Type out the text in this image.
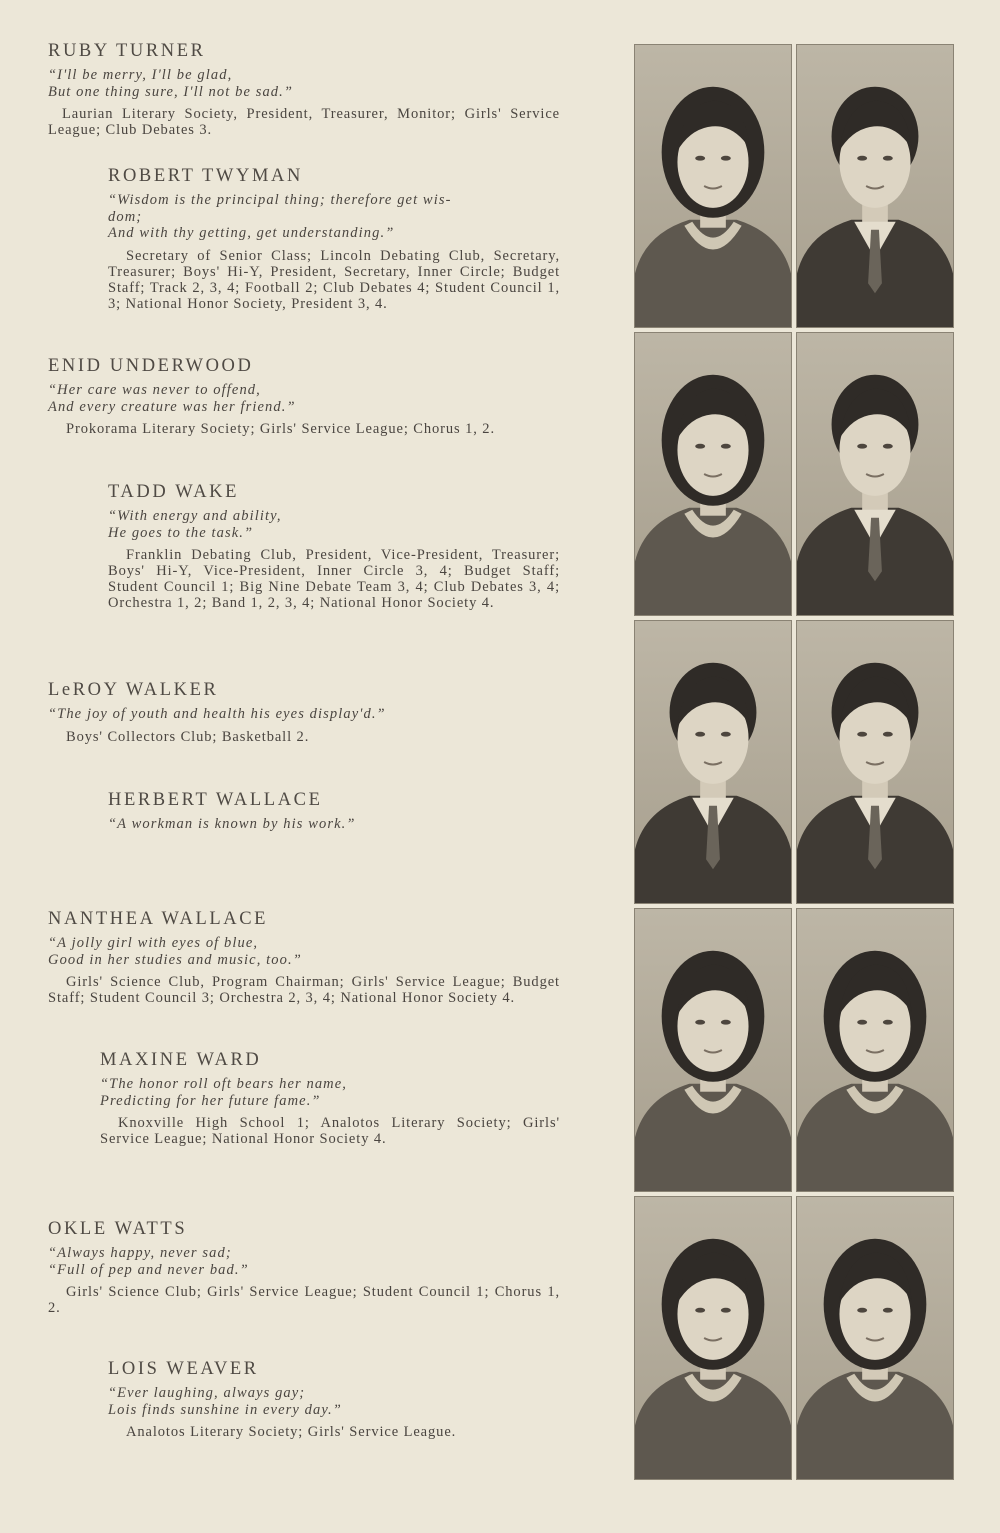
RUBY TURNER
“I'll be merry, I'll be glad,
But one thing sure, I'll not be sad.”
Laurian Literary Society, President, Treasurer, Monitor; Girls' Service League; Club Debates 3.
ROBERT TWYMAN
“Wisdom is the principal thing; therefore get wis-
dom;
And with thy getting, get understanding.”
Secretary of Senior Class; Lincoln Debating Club, Secretary, Treasurer; Boys' Hi-Y, President, Secretary, Inner Circle; Budget Staff; Track 2, 3, 4; Football 2; Club Debates 4; Student Council 1, 3; National Honor Society, President 3, 4.
ENID UNDERWOOD
“Her care was never to offend,
And every creature was her friend.”
Prokorama Literary Society; Girls' Service League; Chorus 1, 2.
TADD WAKE
“With energy and ability,
He goes to the task.”
Franklin Debating Club, President, Vice-President, Treasurer; Boys' Hi-Y, Vice-President, Inner Circle 3, 4; Budget Staff; Student Council 1; Big Nine Debate Team 3, 4; Club Debates 3, 4; Orchestra 1, 2; Band 1, 2, 3, 4; National Honor Society 4.
LeROY WALKER
“The joy of youth and health his eyes display'd.”
Boys' Collectors Club; Basketball 2.
HERBERT WALLACE
“A workman is known by his work.”
NANTHEA WALLACE
“A jolly girl with eyes of blue,
Good in her studies and music, too.”
Girls' Science Club, Program Chairman; Girls' Service League; Budget Staff; Student Council 3; Orchestra 2, 3, 4; National Honor Society 4.
MAXINE WARD
“The honor roll oft bears her name,
Predicting for her future fame.”
Knoxville High School 1; Analotos Literary Society; Girls' Service League; National Honor Society 4.
OKLE WATTS
“Always happy, never sad;
“Full of pep and never bad.”
Girls' Science Club; Girls' Service League; Student Council 1; Chorus 1, 2.
LOIS WEAVER
“Ever laughing, always gay;
Lois finds sunshine in every day.”
Analotos Literary Society; Girls' Service League.
